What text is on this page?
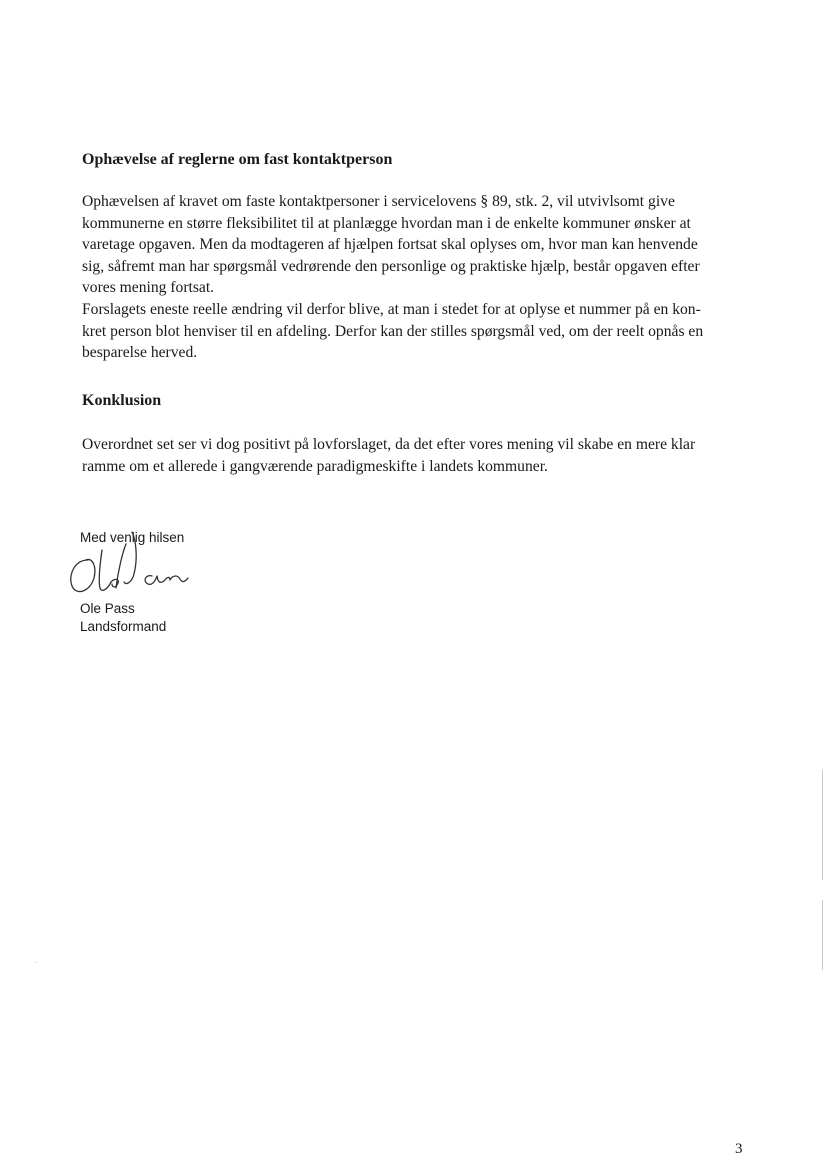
Ophævelse af reglerne om fast kontaktperson

Ophævelsen af kravet om faste kontaktpersoner i servicelovens § 89, stk. 2, vil utvivlsomt give
kommunerne en større fleksibilitet til at planlægge hvordan man i de enkelte kommuner ønsker at
varetage opgaven. Men da modtageren af hjælpen fortsat skal oplyses om, hvor man kan henvende
sig, såfremt man har spørgsmål vedrørende den personlige og praktiske hjælp, består opgaven efter
vores mening fortsat.
Forslagets eneste reelle ændring vil derfor blive, at man i stedet for at oplyse et nummer på en kon-
kret person blot henviser til en afdeling. Derfor kan der stilles spørgsmål ved, om der reelt opnås en
besparelse herved.

Konklusion

Overordnet set ser vi dog positivt på lovforslaget, da det efter vores mening vil skabe en mere klar
ramme om et allerede i gangværende paradigmeskifte i landets kommuner.

Med venlig hilsen

Ole Pass

Landsformand

3
